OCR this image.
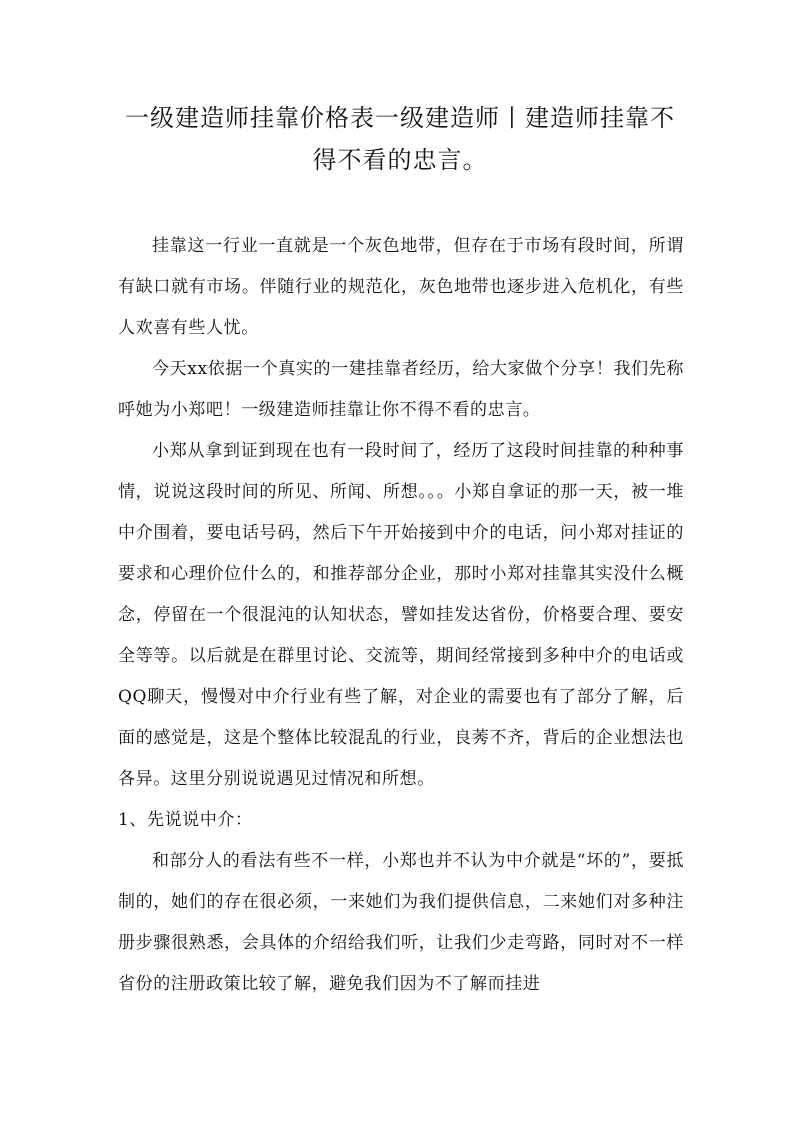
一级建造师挂靠价格表一级建造师丨建造师挂靠不
得不看的忠言。

挂靠这一行业一直就是一个灰色地带，但存在于市场有段时间，所谓有缺口就有市场。伴随行业的规范化，灰色地带也逐步进入危机化，有些人欢喜有些人忧。

今天xx依据一个真实的一建挂靠者经历，给大家做个分享！我们先称呼她为小郑吧！一级建造师挂靠让你不得不看的忠言。

小郑从拿到证到现在也有一段时间了，经历了这段时间挂靠的种种事情，说说这段时间的所见、所闻、所想。。。小郑自拿证的那一天，被一堆中介围着，要电话号码，然后下午开始接到中介的电话，问小郑对挂证的要求和心理价位什么的，和推荐部分企业，那时小郑对挂靠其实没什么概念，停留在一个很混沌的认知状态，譬如挂发达省份，价格要合理、要安全等等。以后就是在群里讨论、交流等，期间经常接到多种中介的电话或QQ聊天，慢慢对中介行业有些了解，对企业的需要也有了部分了解，后面的感觉是，这是个整体比较混乱的行业，良莠不齐，背后的企业想法也各异。这里分别说说遇见过情况和所想。

1、先说说中介：

和部分人的看法有些不一样，小郑也并不认为中介就是“坏的”，要抵制的，她们的存在很必须，一来她们为我们提供信息，二来她们对多种注册步骤很熟悉，会具体的介绍给我们听，让我们少走弯路，同时对不一样省份的注册政策比较了解，避免我们因为不了解而挂进
